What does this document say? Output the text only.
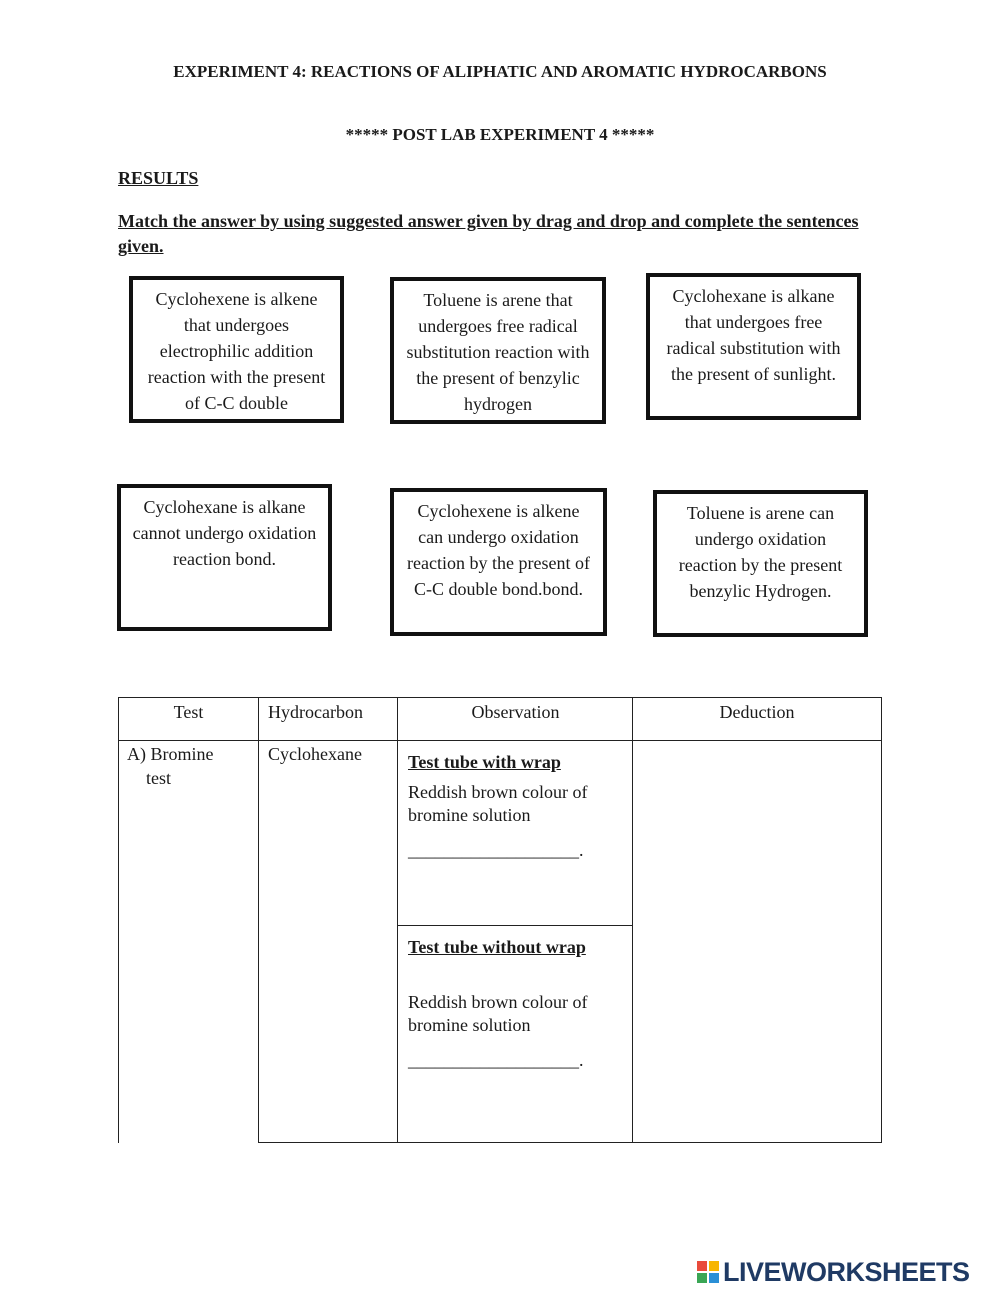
EXPERIMENT 4: REACTIONS OF ALIPHATIC AND AROMATIC HYDROCARBONS
***** POST LAB EXPERIMENT 4 *****

RESULTS

Match the answer by using suggested answer given by drag and drop and complete the sentences given.

Cyclohexene is alkene that undergoes electrophilic addition reaction with the present of C-C double
Toluene is arene that undergoes free radical substitution reaction with the present of benzylic hydrogen
Cyclohexane is alkane that undergoes free radical substitution with the present of sunlight.
Cyclohexane is alkane cannot undergo oxidation reaction bond.
Cyclohexene is alkene can undergo oxidation reaction by the present of C-C double bond.bond.
Toluene is arene can undergo oxidation reaction by the present benzylic Hydrogen.
Test	Hydrocarbon	Observation	Deduction
A) Bromine
test
Cyclohexane	Test tube with wrap
Reddish brown colour of bromine solution
___________________.
Test tube without wrap
Reddish brown colour of bromine solution
___________________.
LIVEWORKSHEETS
